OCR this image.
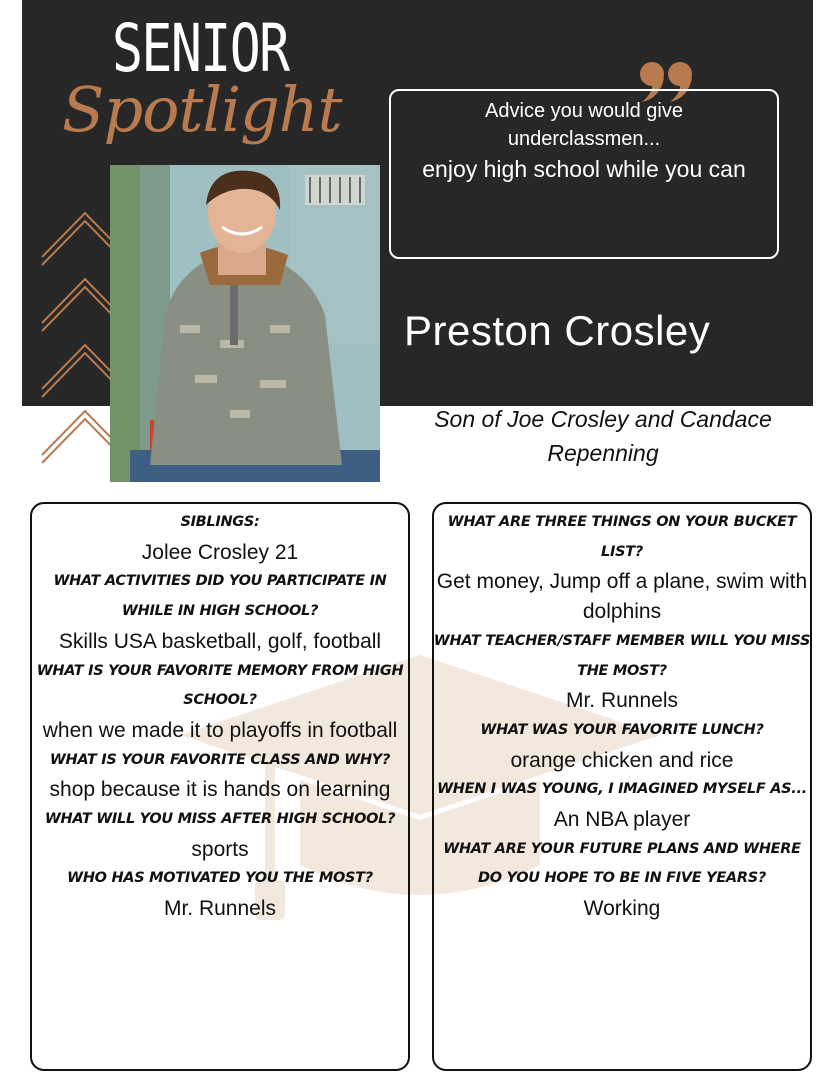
SENIOR
Spotlight	Advice you would give underclassmen...
enjoy high school while you can
Preston Crosley
Son of Joe Crosley and Candace Repenning
SIBLINGS:
Jolee Crosley 21
WHAT ACTIVITIES DID YOU PARTICIPATE IN WHILE IN HIGH SCHOOL?
Skills USA basketball, golf, football
WHAT IS YOUR FAVORITE MEMORY FROM HIGH SCHOOL?
when we made it to playoffs in football
WHAT IS YOUR FAVORITE CLASS AND WHY?
shop because it is hands on learning
WHAT WILL YOU MISS AFTER HIGH SCHOOL?
sports
WHO HAS MOTIVATED YOU THE MOST?
Mr. Runnels
WHAT ARE THREE THINGS ON YOUR BUCKET LIST?
Get money, Jump off a plane, swim with dolphins
WHAT TEACHER/STAFF MEMBER WILL YOU MISS THE MOST?
Mr. Runnels
WHAT WAS YOUR FAVORITE LUNCH?
orange chicken and rice
WHEN I WAS YOUNG, I IMAGINED MYSELF AS...
An NBA player
WHAT ARE YOUR FUTURE PLANS AND WHERE DO YOU HOPE TO BE IN FIVE YEARS?
Working
